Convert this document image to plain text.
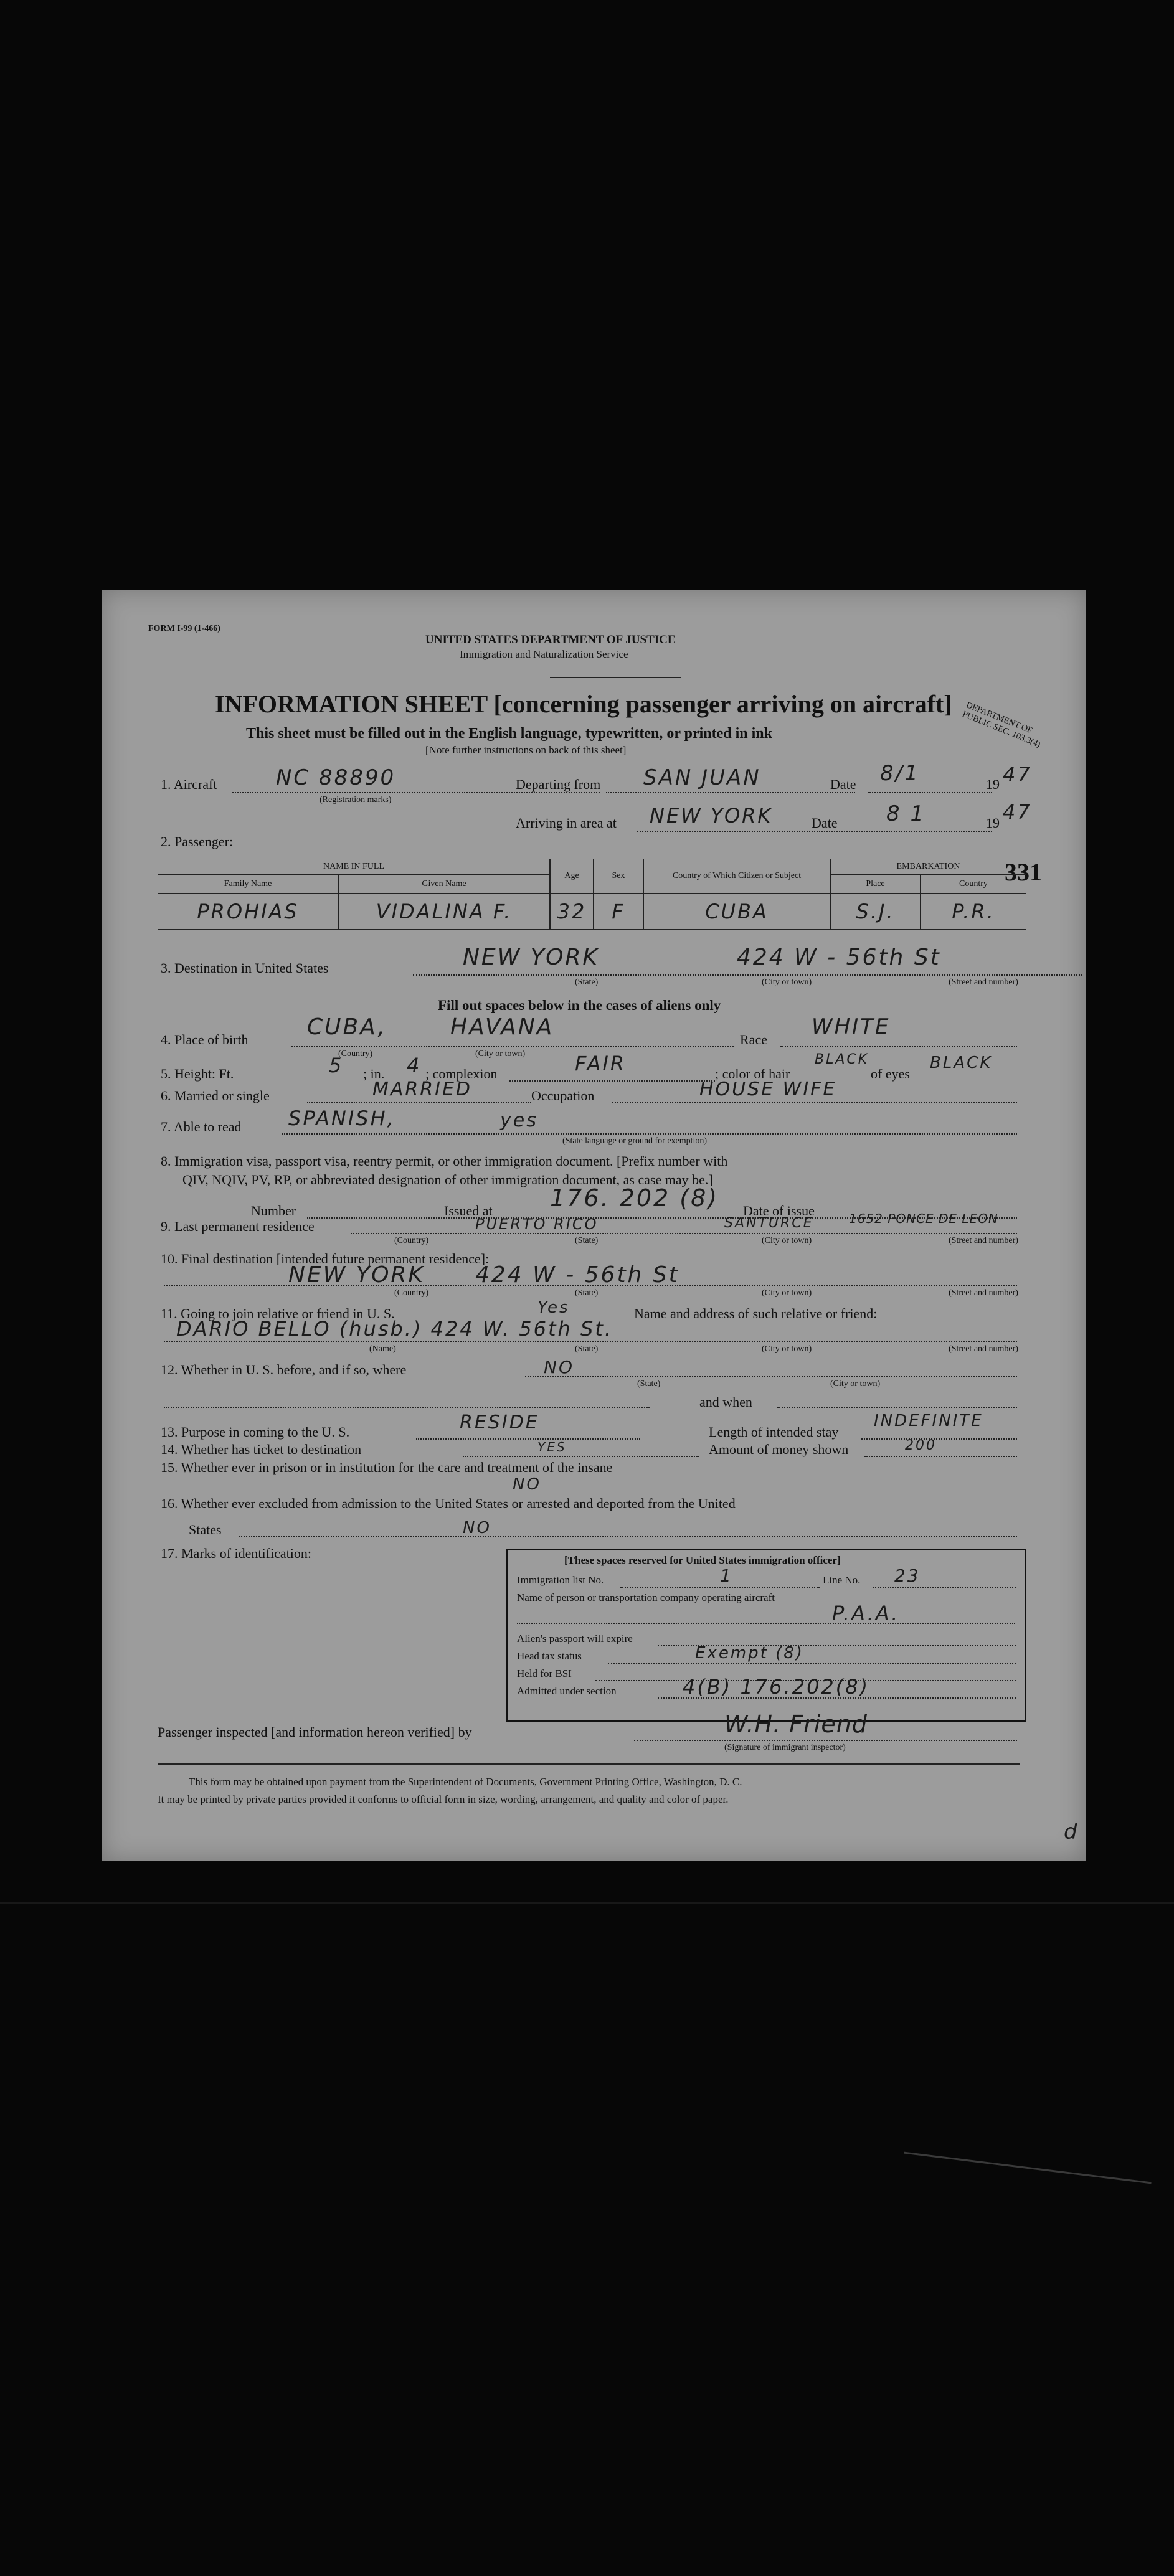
FORM I-99 (1-466)
UNITED STATES DEPARTMENT OF JUSTICE
Immigration and Naturalization Service
INFORMATION SHEET [concerning passenger arriving on aircraft]
This sheet must be filled out in the English language, typewritten, or printed in ink
[Note further instructions on back of this sheet]
DEPARTMENT OF PUBLIC SEC. 103.3(4)
1. Aircraft	NC 88890
(Registration marks)
Departing from SAN JUAN	Date 8/1	19 47
Arriving in area at NEW YORK	Date 8 1	19 47
2. Passenger:
331
NAME IN FULL
Age	Sex	Country of Which Citizen or Subject
EMBARKATION
Family Name	Given Name	Place	Country
PROHIAS	VIDALINA F.	32	F	CUBA	S.J.	P.R.
3. Destination in United States	NEW YORK	424 W - 56th St
(State)	(City or town)	(Street and number)
Fill out spaces below in the cases of aliens only
4. Place of birth	CUBA,	HAVANA
(Country)	(City or town)
Race
WHITE
5. Height: Ft.	5 ; in. 4 ; complexion	FAIR	; color of hair
BLACK
of eyes
BLACK
6. Married or single	MARRIED	Occupation	HOUSE WIFE
7. Able to read SPANISH,	yes
(State language or ground for exemption)
8. Immigration visa, passport visa, reentry permit, or other immigration document. [Prefix number with
QIV, NQIV, PV, RP, or abbreviated designation of other immigration document, as case may be.]
Number	Issued at	Date of issue
176. 202 (8)
9. Last permanent residence	PUERTO RICO	SANTURCE	1652 PONCE DE LEON
(Country)	(State)	(City or town)	(Street and number)
10. Final destination [intended future permanent residence]:
NEW YORK 424 W - 56th St
(Country)	(State)	(City or town)	(Street and number)
11. Going to join relative or friend in U. S.	Yes	Name and address of such relative or friend:
DARIO BELLO (husb.) 424 W. 56th St.
(Name)	(State)	(City or town)	(Street and number)
12. Whether in U. S. before, and if so, where	NO
(State)	(City or town)
and when
13. Purpose in coming to the U. S.	RESIDE	Length of intended stay
INDEFINITE
14. Whether has ticket to destination	YES	Amount of money shown	200
15. Whether ever in prison or in institution for the care and treatment of the insane
NO
16. Whether ever excluded from admission to the United States or arrested and deported from the United
States	NO
17. Marks of identification:	[These spaces reserved for United States immigration officer]
Immigration list No.	1	Line No. 23
Name of person or transportation company operating aircraft
P.A.A.
Alien's passport will expire
Head tax status	Exempt (8)
Held for BSI
Admitted under section	4(B) 176.202(8)
Passenger inspected [and information hereon verified] by	W.H. Friend
(Signature of immigrant inspector)
This form may be obtained upon payment from the Superintendent of Documents, Government Printing Office, Washington, D. C.
It may be printed by private parties provided it conforms to official form in size, wording, arrangement, and quality and color of paper.
d
